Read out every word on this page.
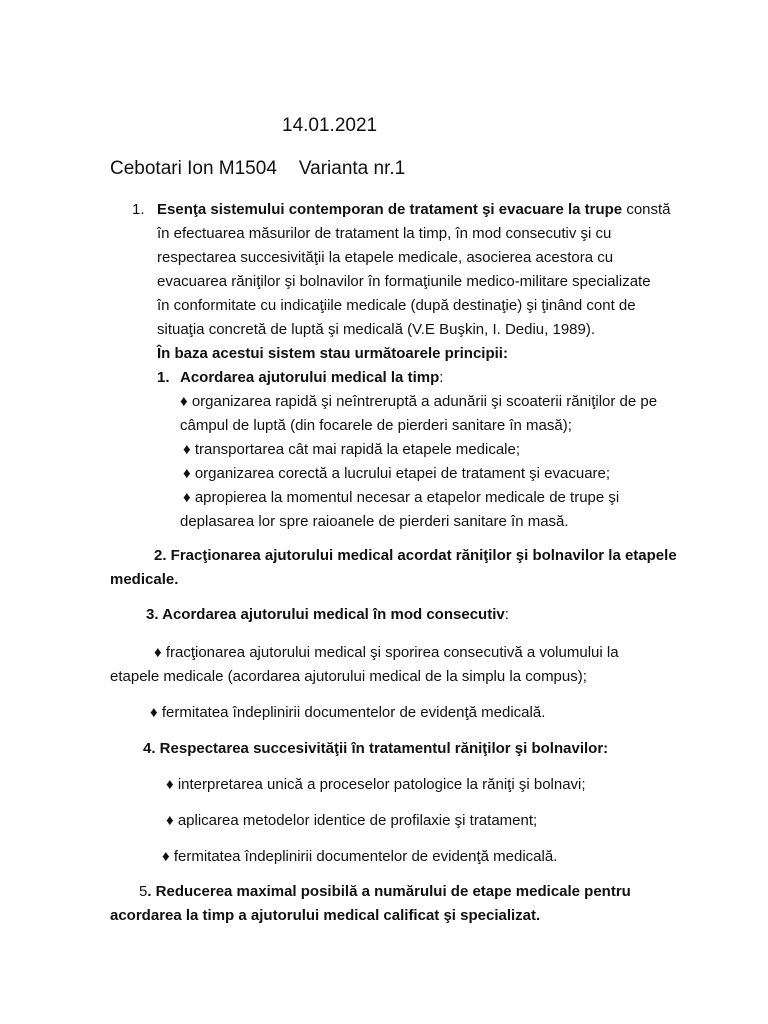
14.01.2021
Cebotari Ion M1504 Varianta nr.1
1. Esenţa sistemului contemporan de tratament şi evacuare la trupe constă
în efectuarea măsurilor de tratament la timp, în mod consecutiv şi cu
respectarea succesivităţii la etapele medicale, asocierea acestora cu
evacuarea răniţilor şi bolnavilor în formaţiunile medico-militare specializate
în conformitate cu indicaţiile medicale (după destinaţie) şi ţinând cont de
situaţia concretă de luptă şi medicală (V.E Buşkin, I. Dediu, 1989).
În baza acestui sistem stau următoarele principii:
1. Acordarea ajutorului medical la timp:
♦ organizarea rapidă şi neîntreruptă a adunării şi scoaterii răniţilor de pe
câmpul de luptă (din focarele de pierderi sanitare în masă);
♦ transportarea cât mai rapidă la etapele medicale;
♦ organizarea corectă a lucrului etapei de tratament şi evacuare;
♦ apropierea la momentul necesar a etapelor medicale de trupe şi
deplasarea lor spre raioanele de pierderi sanitare în masă.
2. Fracţionarea ajutorului medical acordat răniţilor şi bolnavilor la etapele
medicale.
3. Acordarea ajutorului medical în mod consecutiv:
♦ fracţionarea ajutorului medical şi sporirea consecutivă a volumului la
etapele medicale (acordarea ajutorului medical de la simplu la compus);
♦ fermitatea îndeplinirii documentelor de evidenţă medicală.
4. Respectarea succesivităţii în tratamentul răniţilor şi bolnavilor:
♦ interpretarea unică a proceselor patologice la răniţi şi bolnavi;
♦ aplicarea metodelor identice de profilaxie şi tratament;
♦ fermitatea îndeplinirii documentelor de evidenţă medicală.
5. Reducerea maximal posibilă a numărului de etape medicale pentru
acordarea la timp a ajutorului medical calificat şi specializat.
